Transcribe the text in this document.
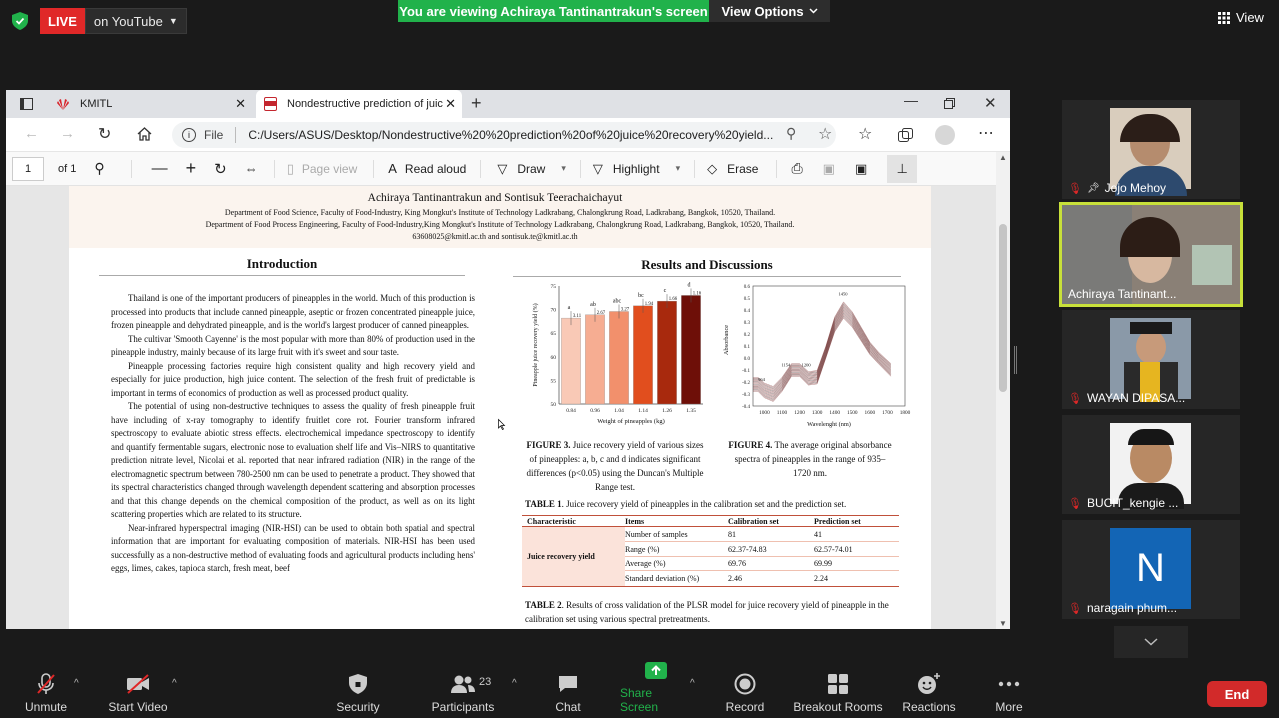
LIVE on YouTube ▼
You are viewing Achiraya Tantinantrakun's screen View Options	View
KMITL	✕	Nondestructive prediction of juic ✕ +	—	✕
← → ↻	i	File C:/Users/ASUS/Desktop/Nondestructive%20%20prediction%20of%20juice%20recovery%20yield... ⚲ ☆ ☆	⋯
1	of 1 ⚲	— + ↻ ⇔ ▯ Page view A Read aloud ▽ Draw ▾ ▽ Highlight ▾ ◇ Erase ⎙ ▣ ▣	⊥
Achiraya Tantinantrakun and Sontisuk Teerachaichayut
Department of Food Science, Faculty of Food-Industry, King Mongkut's Institute of Technology Ladkrabang, Chalongkrung Road, Ladkrabang, Bangkok, 10520, Thailand.
Department of Food Process Engineering, Faculty of Food-Industry,King Mongkut's Institute of Technology Ladkrabang, Chalongkrung Road, Ladkrabang, Bangkok, 10520, Thailand.
63608025@kmitl.ac.th and sontisuk.te@kmitl.ac.th
Introduction

Thailand is one of the important producers of pineapples in the world. Much of this production is processed into products that include canned pineapple, aseptic or frozen concentrated pineapple juice, frozen pineapple and dehydrated pineapple, and is the world's largest producer of canned pineapples.

The cultivar 'Smooth Cayenne' is the most popular with more than 80% of production used in the pineapple industry, mainly because of its large fruit with it's sweet and sour taste.

Pineapple processing factories require high consistent quality and high recovery yield and especially for juice production, high juice content. The selection of the fresh fruit of predictable is important in terms of economics of production as well as processed product quality.

The potential of using non-destructive techniques to assess the quality of fresh pineapple fruit have including of x-ray tomography to identify fruitlet core rot. Fourier transform infrared spectroscopy to evaluate abiotic stress effects. electrochemical impedance spectroscopy to identify and quantify fermentable sugars, electronic nose to evaluation shelf life and Vis–NIRS to quantitative prediction nitrate level, Nicolai et al. reported that near infrared radiation (NIR) in the range of the electromagnetic spectrum between 780-2500 nm can be used to penetrate a product. They showed that its spectral characteristics changed through wavelength dependent scattering and absorption processes and that this change depends on the chemical composition of the product, as well as on its light scattering properties which are related to its structure.

Near-infrared hyperspectral imaging (NIR-HSI) can be used to obtain both spatial and spectral information that are important for evaluating composition of materials. NIR-HSI has been used successfully as a non-destructive method of evaluating foods and agricultural products including hens' eggs, limes, cakes, tapioca starch, fresh meat, beef

Results and Discussions
50
55
60
65
70
75
a
3.11
0.84
ab
2.67
0.96
abc
3.27
1.04
bc
1.94
1.14
c
1.66
1.26
d
1.16
1.35
Weight of pineapples (kg)
Pineapple juice recovery yield (%)
0.6
0.5
0.4
0.3
0.2
0.1
0.0
-0.1
-0.2
-0.3
-0.4
1000 1100 1200 1300 1400 1500 1600 1700 1800
964
1154 1200
1450
Wavelenght (nm)
Absorbance
FIGURE 3. Juice recovery yield of various sizes of pineapples: a, b, c and d indicates significant differences (p<0.05) using the Duncan's Multiple Range test.
FIGURE 4. The average original absorbance spectra of pineapples in the range of 935–1720 nm.
TABLE 1. Juice recovery yield of pineapples in the calibration set and the prediction set.
Characteristic	Items	Calibration set	Prediction set
Juice recovery yield
Number of samples	81	41
Range (%)	62.37-74.83	62.57-74.01
Average (%)	69.76	69.99
Standard deviation (%)	2.46	2.24
TABLE 2. Results of cross validation of the PLSR model for juice recovery yield of pineapple in the calibration set using various spectral pretreatments.
▲
▼
🎙︎ 📌︎ Jojo Mehoy
Achiraya Tantinant...
🎙︎ WAYAN DIPASA...
🎙︎ BUCIT_kengie ...
N
🎙︎ naragain phum...
Unmute
^
Start Video
^
Security	Participants
23 ^
Chat
Share Screen
^
Record Breakout Rooms Reactions	More
End
